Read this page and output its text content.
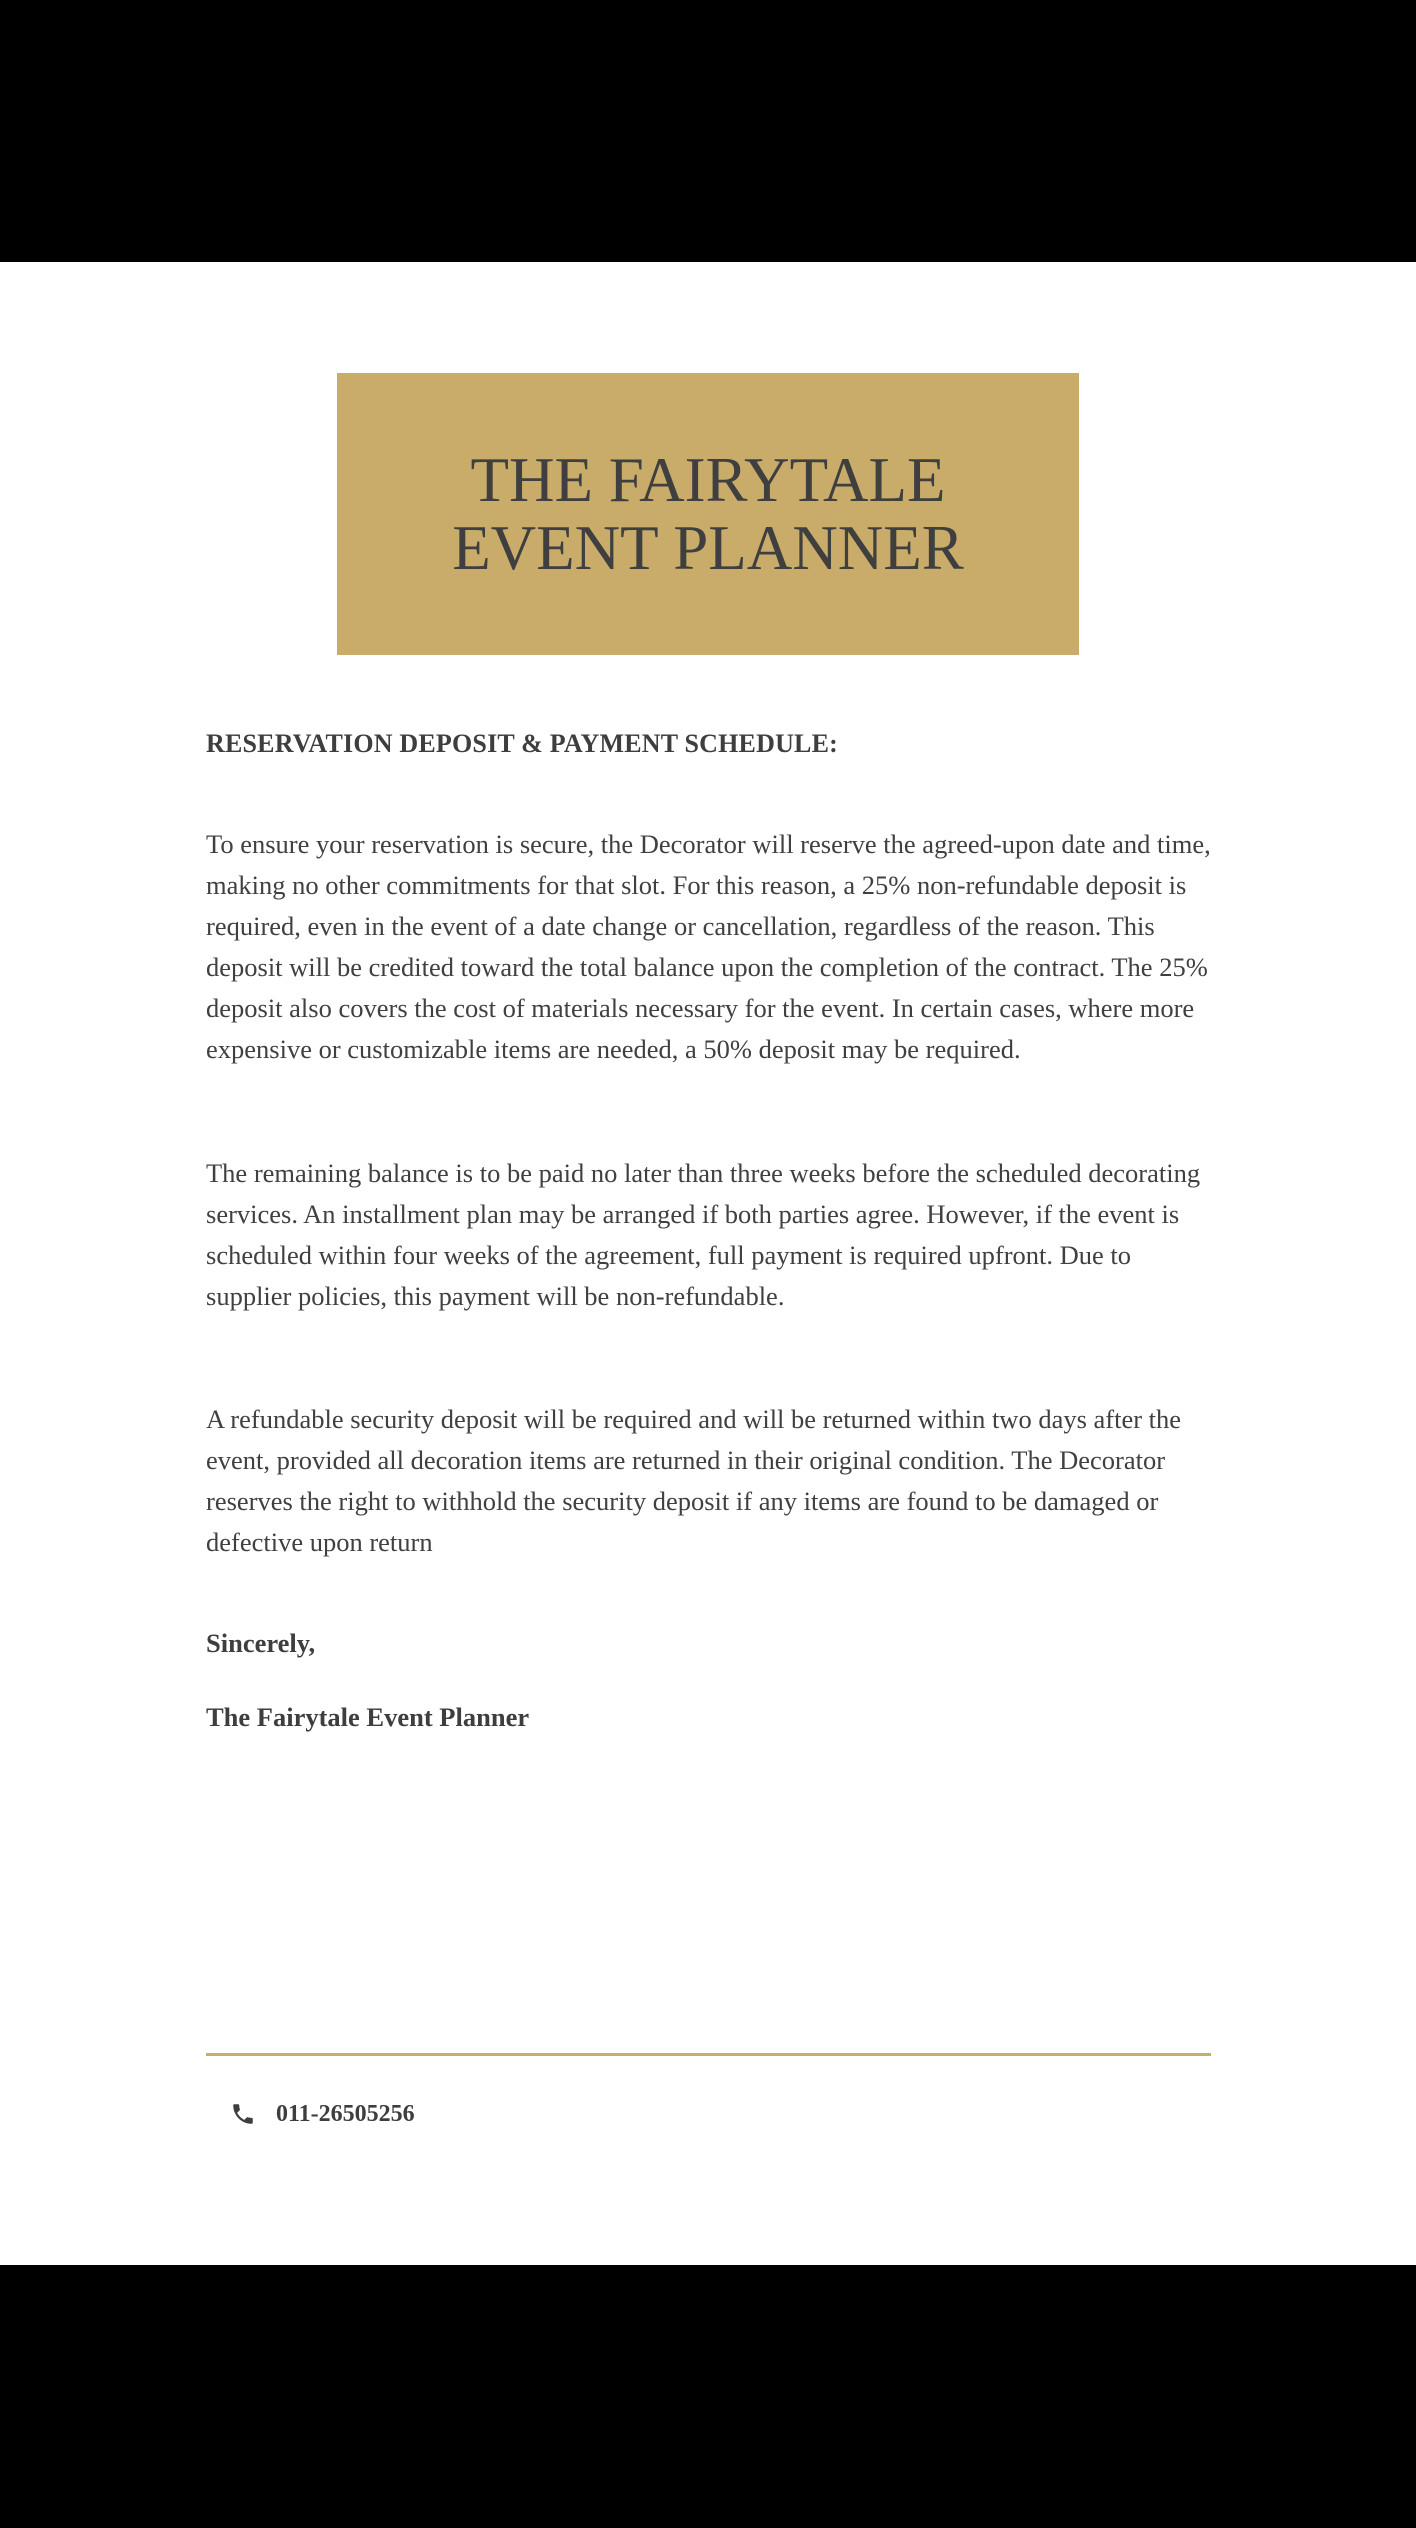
THE FAIRYTALE
EVENT PLANNER
RESERVATION DEPOSIT & PAYMENT SCHEDULE:

To ensure your reservation is secure, the Decorator will reserve the agreed-upon date and time, making no other commitments for that slot. For this reason, a 25% non-refundable deposit is required, even in the event of a date change or cancellation, regardless of the reason. This deposit will be credited toward the total balance upon the completion of the contract. The 25% deposit also covers the cost of materials necessary for the event. In certain cases, where more expensive or customizable items are needed, a 50% deposit may be required.

The remaining balance is to be paid no later than three weeks before the scheduled decorating services. An installment plan may be arranged if both parties agree. However, if the event is scheduled within four weeks of the agreement, full payment is required upfront. Due to supplier policies, this payment will be non-refundable.

A refundable security deposit will be required and will be returned within two days after the event, provided all decoration items are returned in their original condition. The Decorator reserves the right to withhold the security deposit if any items are found to be damaged or defective upon return

Sincerely,

The Fairytale Event Planner

011-26505256
